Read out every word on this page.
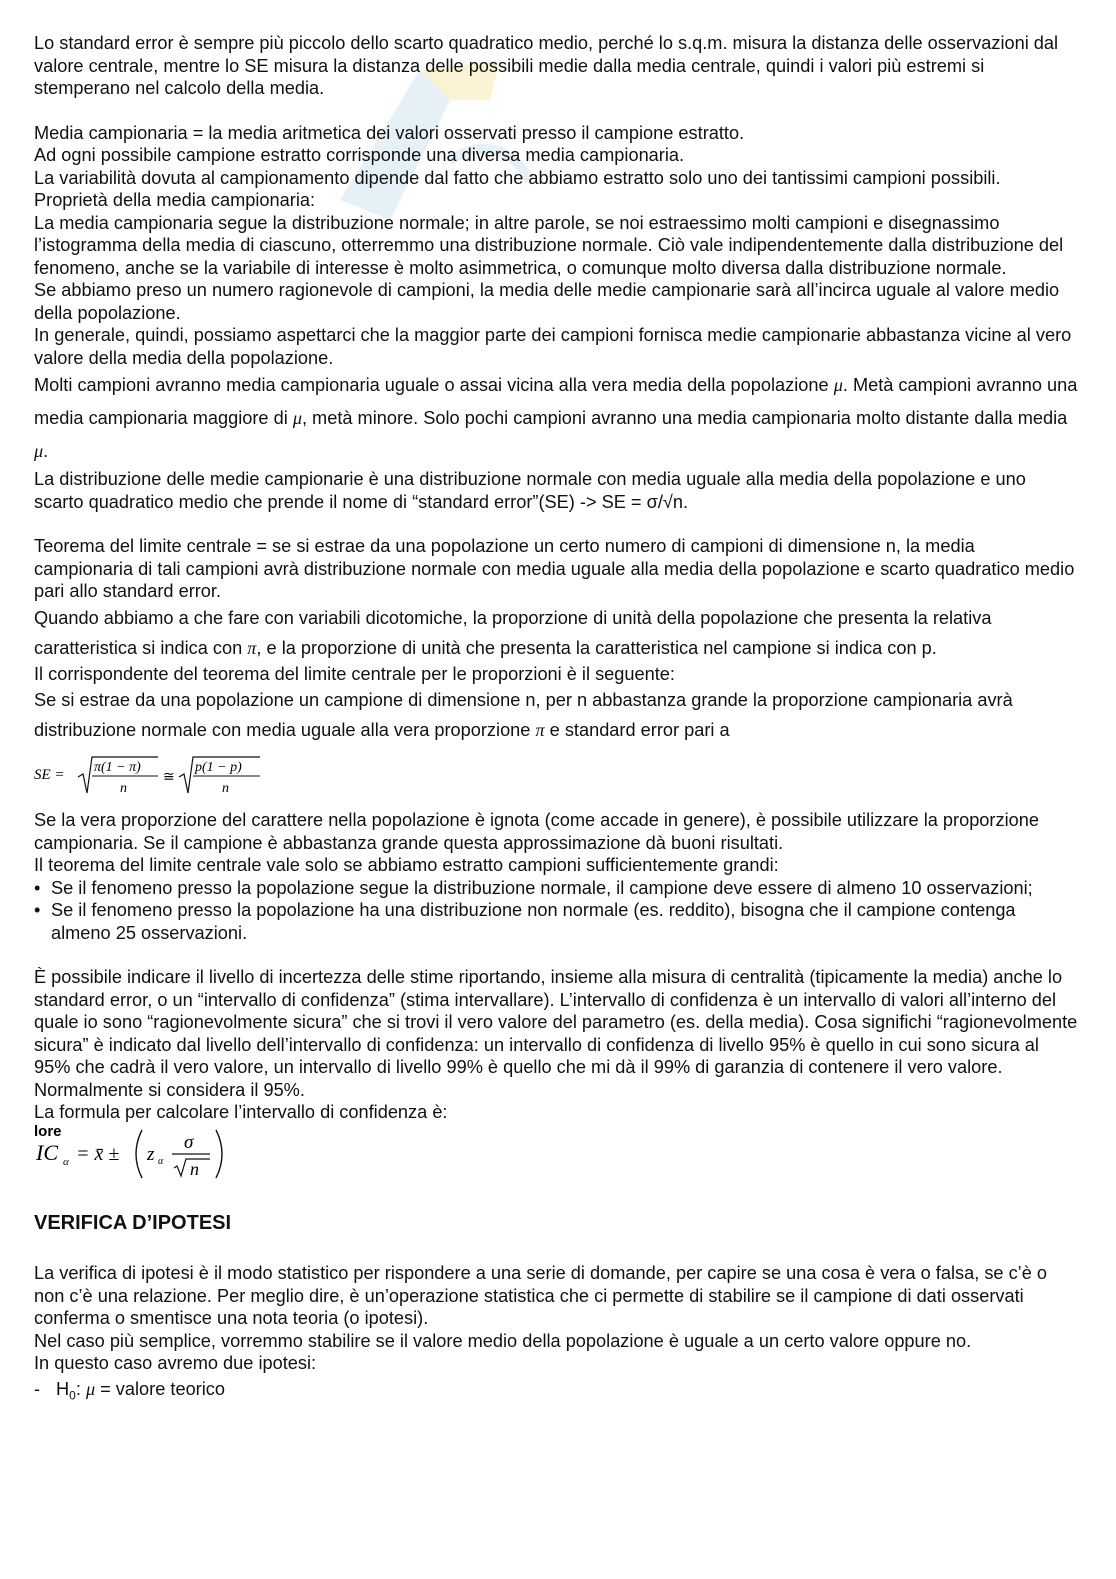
Lo standard error è sempre più piccolo dello scarto quadratico medio, perché lo s.q.m. misura la distanza delle osservazioni dal valore centrale, mentre lo SE misura la distanza delle possibili medie dalla media centrale, quindi i valori più estremi si stemperano nel calcolo della media.

Media campionaria = la media aritmetica dei valori osservati presso il campione estratto.

Ad ogni possibile campione estratto corrisponde una diversa media campionaria.

La variabilità dovuta al campionamento dipende dal fatto che abbiamo estratto solo uno dei tantissimi campioni possibili.

Proprietà della media campionaria:

La media campionaria segue la distribuzione normale; in altre parole, se noi estraessimo molti campioni e disegnassimo l’istogramma della media di ciascuno, otterremmo una distribuzione normale. Ciò vale indipendentemente dalla distribuzione del fenomeno, anche se la variabile di interesse è molto asimmetrica, o comunque molto diversa dalla distribuzione normale.

Se abbiamo preso un numero ragionevole di campioni, la media delle medie campionarie sarà all’incirca uguale al valore medio della popolazione.

In generale, quindi, possiamo aspettarci che la maggior parte dei campioni fornisca medie campionarie abbastanza vicine al vero valore della media della popolazione.

Molti campioni avranno media campionaria uguale o assai vicina alla vera media della popolazione μ. Metà campioni avranno una media campionaria maggiore di μ, metà minore. Solo pochi campioni avranno una media campionaria molto distante dalla media μ.

La distribuzione delle medie campionarie è una distribuzione normale con media uguale alla media della popolazione e uno scarto quadratico medio che prende il nome di “standard error”(SE) -> SE = σ/√n.

Teorema del limite centrale = se si estrae da una popolazione un certo numero di campioni di dimensione n, la media campionaria di tali campioni avrà distribuzione normale con media uguale alla media della popolazione e scarto quadratico medio pari allo standard error.

Quando abbiamo a che fare con variabili dicotomiche, la proporzione di unità della popolazione che presenta la relativa caratteristica si indica con π, e la proporzione di unità che presenta la caratteristica nel campione si indica con p.

Il corrispondente del teorema del limite centrale per le proporzioni è il seguente:

Se si estrae da una popolazione un campione di dimensione n, per n abbastanza grande la proporzione campionaria avrà distribuzione normale con media uguale alla vera proporzione π e standard error pari a

SE = π(1 − π)
n
≅
p(1 − p)
n

Se la vera proporzione del carattere nella popolazione è ignota (come accade in genere), è possibile utilizzare la proporzione campionaria. Se il campione è abbastanza grande questa approssimazione dà buoni risultati.

Il teorema del limite centrale vale solo se abbiamo estratto campioni sufficientemente grandi:

• Se il fenomeno presso la popolazione segue la distribuzione normale, il campione deve essere di almeno 10 osservazioni;
• Se il fenomeno presso la popolazione ha una distribuzione non normale (es. reddito), bisogna che il campione contenga almeno 25 osservazioni.

È possibile indicare il livello di incertezza delle stime riportando, insieme alla misura di centralità (tipicamente la media) anche lo standard error, o un “intervallo di confidenza” (stima intervallare). L’intervallo di confidenza è un intervallo di valori all’interno del quale io sono “ragionevolmente sicura” che si trovi il vero valore del parametro (es. della media). Cosa significhi “ragionevolmente sicura” è indicato dal livello dell’intervallo di confidenza: un intervallo di confidenza di livello 95% è quello in cui sono sicura al 95% che cadrà il vero valore, un intervallo di livello 99% è quello che mi dà il 99% di garanzia di contenere il vero valore. Normalmente si considera il 95%.

La formula per calcolare l’intervallo di confidenza è:

lore
IC α = x̄ ± z α
σ
n
VERIFICA D’IPOTESI

La verifica di ipotesi è il modo statistico per rispondere a una serie di domande, per capire se una cosa è vera o falsa, se c’è o non c’è una relazione. Per meglio dire, è un’operazione statistica che ci permette di stabilire se il campione di dati osservati conferma o smentisce una nota teoria (o ipotesi).

Nel caso più semplice, vorremmo stabilire se il valore medio della popolazione è uguale a un certo valore oppure no.

In questo caso avremo due ipotesi:

- $H_0$: μ = valore teorico
